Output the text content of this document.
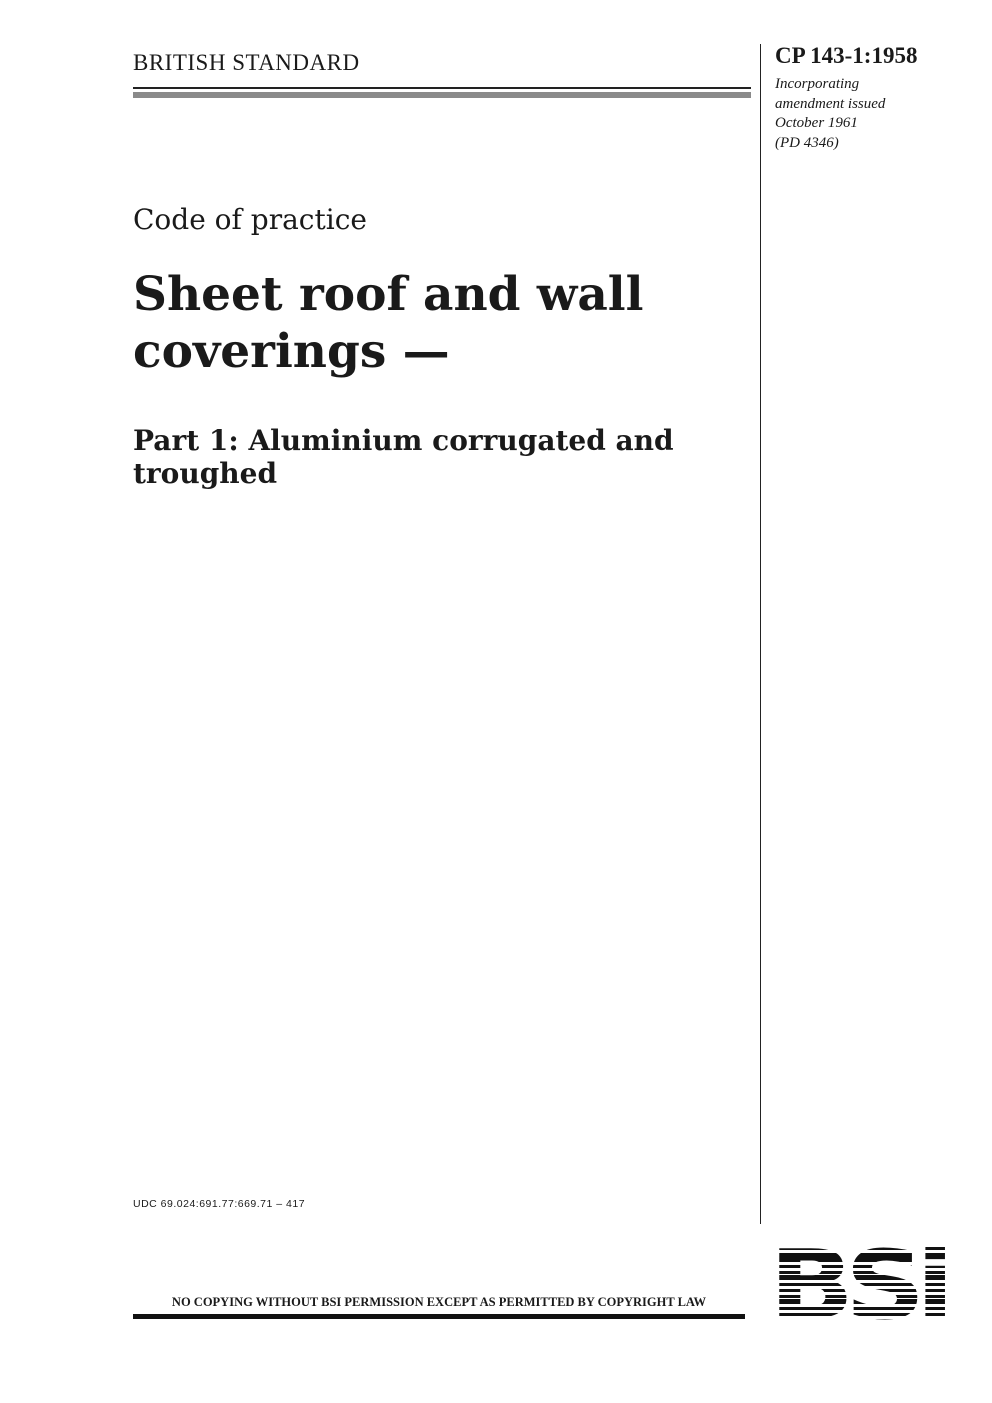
BRITISH STANDARD	CP 143-1:1958
Incorporating
amendment issued
October 1961
(PD 4346)
Code of practice
Sheet roof and wall
coverings —
Part 1: Aluminium corrugated and
troughed
UDC 69.024:691.77:669.71 – 417
NO COPYING WITHOUT BSI PERMISSION EXCEPT AS PERMITTED BY COPYRIGHT LAW
